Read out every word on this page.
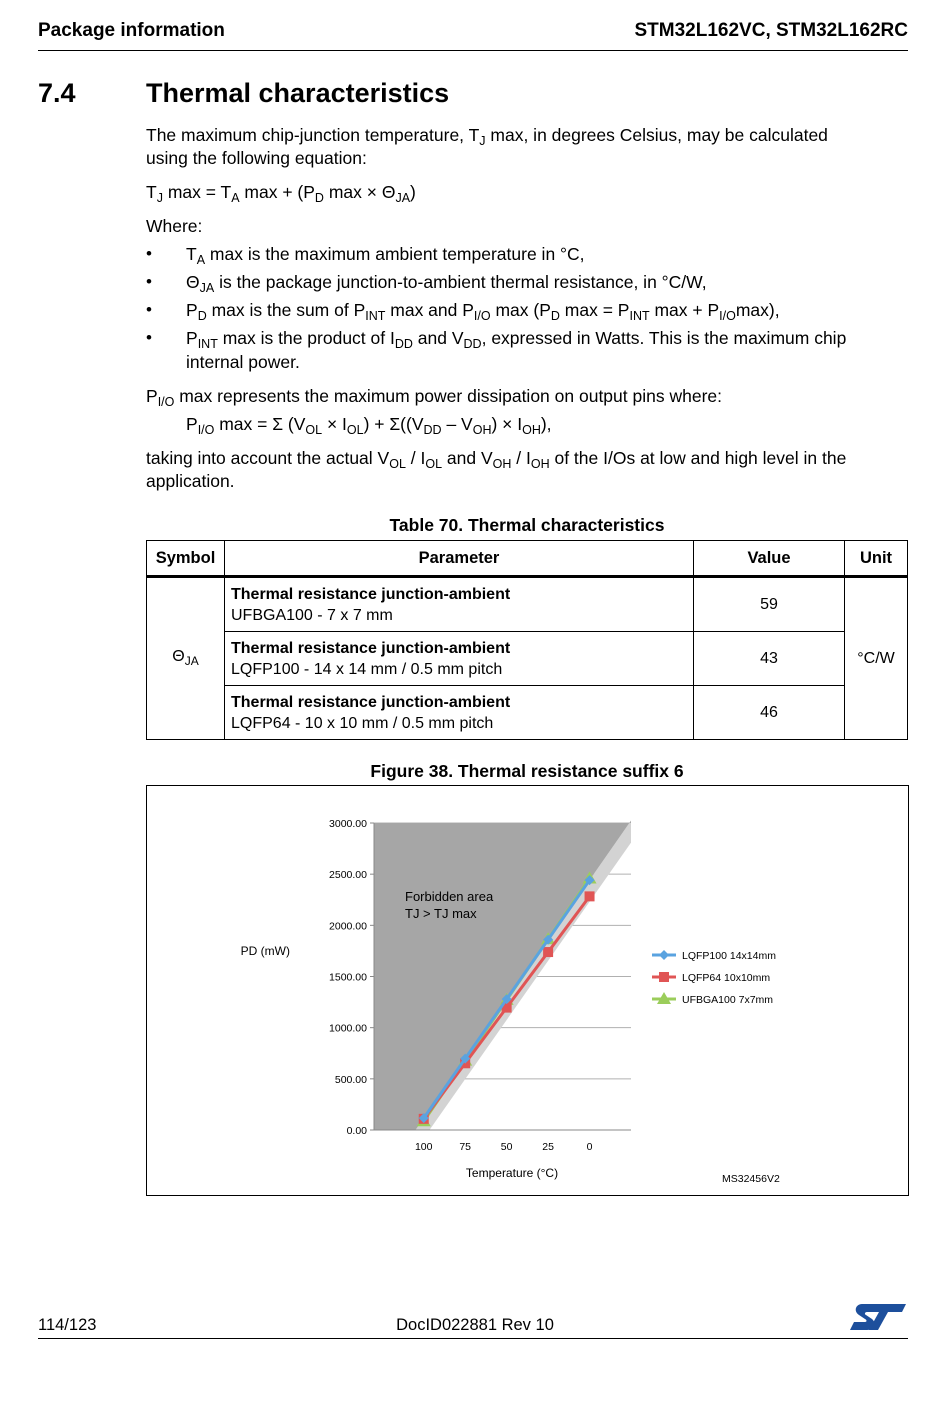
Package information	STM32L162VC, STM32L162RC
7.4	Thermal characteristics
The maximum chip-junction temperature, $T_J$ max, in degrees Celsius, may be calculated
using the following equation:
$T_J$ $\max = T_A$ $\max + (P_D$ $\max \times \Theta_{JA}$)
Where:
• $T_A$ max is the maximum ambient temperature in °C,
• $\Theta_{JA}$ is the package junction-to-ambient thermal resistance, in °C/W,
• $P_D$ max is the sum of $P_{INT}$ max and $P_{I/O}$ $\max (P_D$ $\max = P_{INT}$ $\max + P_{I/O}\max$),
• $P_{INT}$ max is the product of $I_{DD}$ and $V_{DD}$, expressed in Watts. This is the maximum chip
internal power.
$P_{I/O}$ max represents the maximum power dissipation on output pins where:
$P_{I/O}$ max = Σ $(V_{OL} \times I_{OL}) + \Sigma((V_{DD} - V_{OH}) \times I_{OH})$,
taking into account the actual $V_{OL} / I_{OL}$ and $V_{OH} / I_{OH}$ of the I/Os at low and high level in the
application.
Table 70. Thermal characteristics
Symbol	Parameter	Value	Unit
$\Theta_{JA}$	Thermal resistance junction-ambient
UFBGA100 - 7 x 7 mm	59	°C/W

	Thermal resistance junction-ambient
LQFP100 - 14 x 14 mm / 0.5 mm pitch	43	

	Thermal resistance junction-ambient
LQFP64 - 10 x 10 mm / 0.5 mm pitch	46	
Figure 38. Thermal resistance suffix 6
0.00
500.00
1000.00
1500.00
2000.00
2500.00
3000.00
100	75	50	25	0
Forbidden area
TJ > TJ max
PD (mW)
Temperature (°C)
LQFP100 14x14mm
LQFP64 10x10mm
UFBGA100 7x7mm
MS32456V2
114/123	DocID022881 Rev 10
